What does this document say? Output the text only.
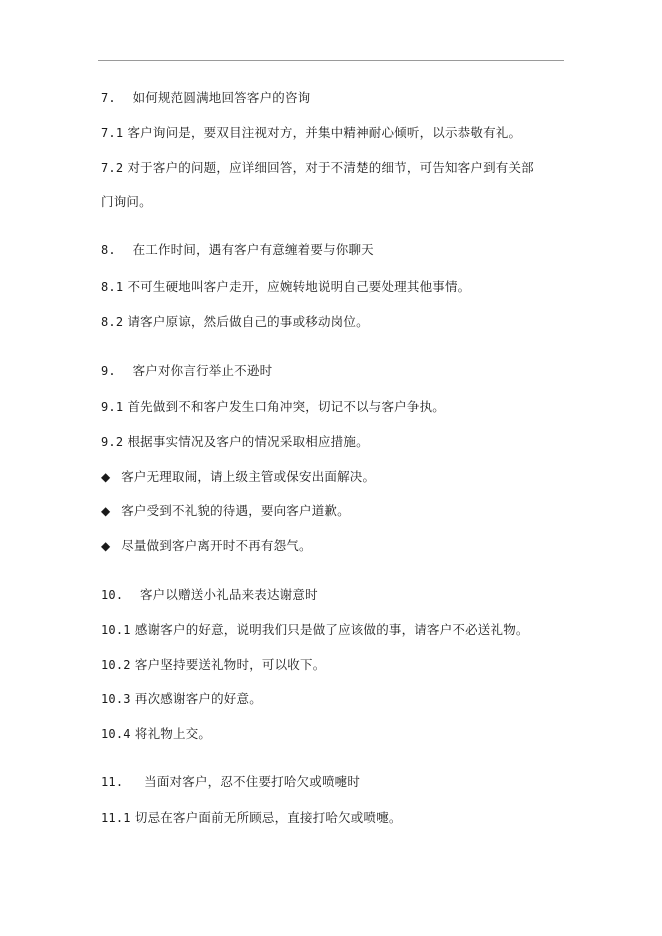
7. 如何规范圆满地回答客户的咨询
7.1 客户询问是，要双目注视对方，并集中精神耐心倾听，以示恭敬有礼。
7.2 对于客户的问题，应详细回答，对于不清楚的细节，可告知客户到有关部
门询问。
8. 在工作时间，遇有客户有意缠着要与你聊天
8.1 不可生硬地叫客户走开，应婉转地说明自己要处理其他事情。
8.2 请客户原谅，然后做自己的事或移动岗位。
9. 客户对你言行举止不逊时
9.1 首先做到不和客户发生口角冲突，切记不以与客户争执。
9.2 根据事实情况及客户的情况采取相应措施。
◆ 客户无理取闹，请上级主管或保安出面解决。
◆ 客户受到不礼貌的待遇，要向客户道歉。
◆ 尽量做到客户离开时不再有怨气。
10. 客户以赠送小礼品来表达谢意时
10.1 感谢客户的好意，说明我们只是做了应该做的事，请客户不必送礼物。
10.2 客户坚持要送礼物时，可以收下。
10.3 再次感谢客户的好意。
10.4 将礼物上交。
11. 当面对客户，忍不住要打哈欠或喷嚏时
11.1 切忌在客户面前无所顾忌，直接打哈欠或喷嚏。
